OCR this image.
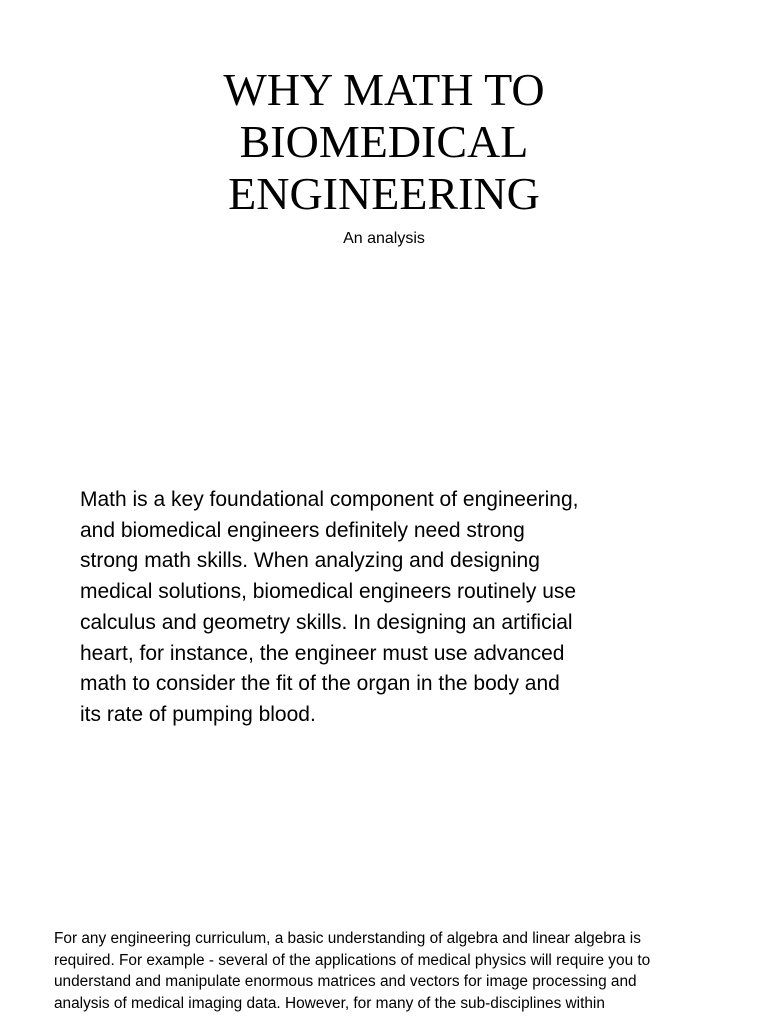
WHY MATH TO
BIOMEDICAL
ENGINEERING
An analysis
Math is a key foundational component of engineering,
and biomedical engineers definitely need strong
strong math skills. When analyzing and designing
medical solutions, biomedical engineers routinely use
calculus and geometry skills. In designing an artificial
heart, for instance, the engineer must use advanced
math to consider the fit of the organ in the body and
its rate of pumping blood.
For any engineering curriculum, a basic understanding of algebra and linear algebra is
required. For example - several of the applications of medical physics will require you to
understand and manipulate enormous matrices and vectors for image processing and
analysis of medical imaging data. However, for many of the sub-disciplines within
